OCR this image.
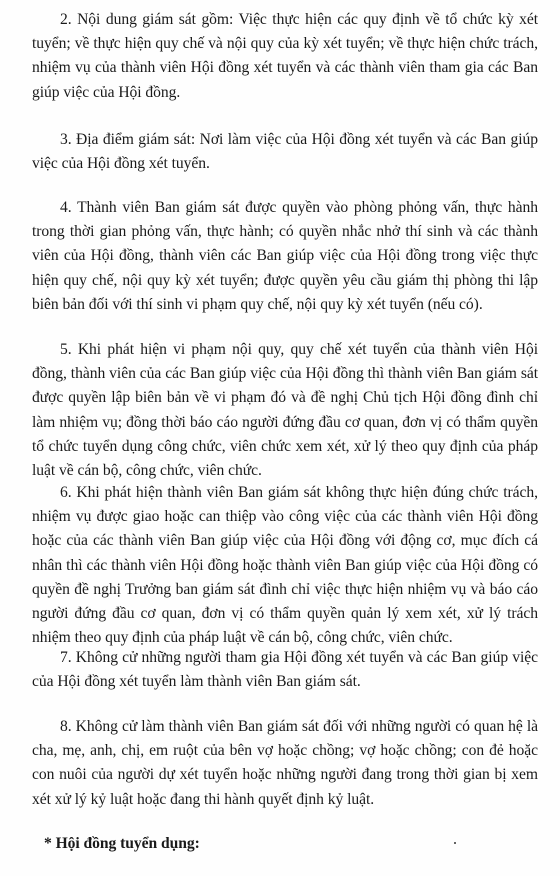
2. Nội dung giám sát gồm: Việc thực hiện các quy định về tổ chức kỳ xét tuyển; về thực hiện quy chế và nội quy của kỳ xét tuyển; về thực hiện chức trách, nhiệm vụ của thành viên Hội đồng xét tuyển và các thành viên tham gia các Ban giúp việc của Hội đồng.

3. Địa điểm giám sát: Nơi làm việc của Hội đồng xét tuyển và các Ban giúp việc của Hội đồng xét tuyển.

4. Thành viên Ban giám sát được quyền vào phòng phỏng vấn, thực hành trong thời gian phỏng vấn, thực hành; có quyền nhắc nhở thí sinh và các thành viên của Hội đồng, thành viên các Ban giúp việc của Hội đồng trong việc thực hiện quy chế, nội quy kỳ xét tuyển; được quyền yêu cầu giám thị phòng thi lập biên bản đối với thí sinh vi phạm quy chế, nội quy kỳ xét tuyển (nếu có).

5. Khi phát hiện vi phạm nội quy, quy chế xét tuyển của thành viên Hội đồng, thành viên của các Ban giúp việc của Hội đồng thì thành viên Ban giám sát được quyền lập biên bản về vi phạm đó và đề nghị Chủ tịch Hội đồng đình chỉ làm nhiệm vụ; đồng thời báo cáo người đứng đầu cơ quan, đơn vị có thẩm quyền tổ chức tuyển dụng công chức, viên chức xem xét, xử lý theo quy định của pháp luật về cán bộ, công chức, viên chức.

6. Khi phát hiện thành viên Ban giám sát không thực hiện đúng chức trách, nhiệm vụ được giao hoặc can thiệp vào công việc của các thành viên Hội đồng hoặc của các thành viên Ban giúp việc của Hội đồng với động cơ, mục đích cá nhân thì các thành viên Hội đồng hoặc thành viên Ban giúp việc của Hội đồng có quyền đề nghị Trưởng ban giám sát đình chỉ việc thực hiện nhiệm vụ và báo cáo người đứng đầu cơ quan, đơn vị có thẩm quyền quản lý xem xét, xử lý trách nhiệm theo quy định của pháp luật về cán bộ, công chức, viên chức.

7. Không cử những người tham gia Hội đồng xét tuyển và các Ban giúp việc của Hội đồng xét tuyển làm thành viên Ban giám sát.

8. Không cử làm thành viên Ban giám sát đối với những người có quan hệ là cha, mẹ, anh, chị, em ruột của bên vợ hoặc chồng; vợ hoặc chồng; con đẻ hoặc con nuôi của người dự xét tuyển hoặc những người đang trong thời gian bị xem xét xử lý kỷ luật hoặc đang thi hành quyết định kỷ luật.

* Hội đồng tuyển dụng:
